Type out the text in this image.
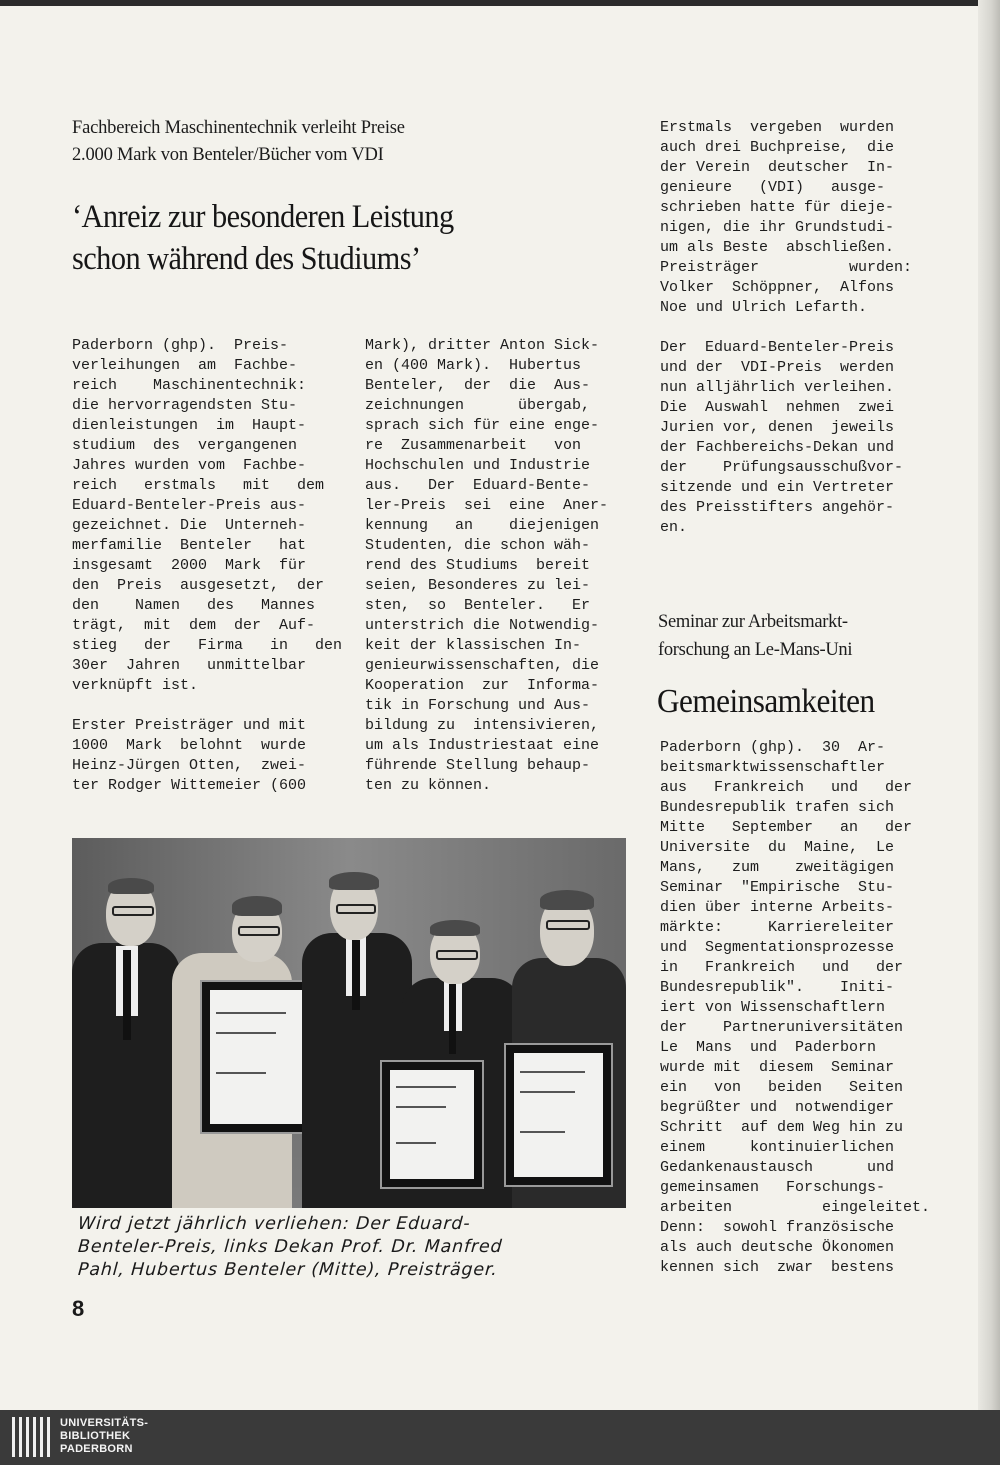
Fachbereich Maschinentechnik verleiht Preise
2.000 Mark von Benteler/Bücher vom VDI
‘Anreiz zur besonderen Leistung
schon während des Studiums’
Paderborn (ghp).  Preis-
verleihungen  am  Fachbe-
reich    Maschinentechnik:
die hervorragendsten Stu-
dienleistungen  im  Haupt-
studium  des  vergangenen
Jahres wurden vom  Fachbe-
reich   erstmals   mit   dem
Eduard-Benteler-Preis aus-
gezeichnet. Die  Unterneh-
merfamilie  Benteler   hat
insgesamt  2000  Mark  für
den  Preis  ausgesetzt,  der
den    Namen   des   Mannes
trägt,  mit  dem  der  Auf-
stieg   der   Firma   in   den
30er  Jahren   unmittelbar
verknüpft ist.

Erster Preisträger und mit
1000  Mark  belohnt  wurde
Heinz-Jürgen Otten,  zwei-
ter Rodger Wittemeier (600
Mark), dritter Anton Sick-
en (400 Mark).  Hubertus
Benteler,  der  die  Aus-
zeichnungen      übergab,
sprach sich für eine enge-
re  Zusammenarbeit   von
Hochschulen und Industrie
aus.   Der  Eduard-Bente-
ler-Preis  sei  eine  Aner-
kennung   an    diejenigen
Studenten, die schon wäh-
rend des Studiums  bereit
seien, Besonderes zu lei-
sten,  so  Benteler.   Er
unterstrich die Notwendig-
keit der klassischen In-
genieurwissenschaften, die
Kooperation  zur  Informa-
tik in Forschung und Aus-
bildung zu  intensivieren,
um als Industriestaat eine
führende Stellung behaup-
ten zu können.
Erstmals  vergeben  wurden
auch drei Buchpreise,  die
der Verein  deutscher  In-
genieure   (VDI)   ausge-
schrieben hatte für dieje-
nigen, die ihr Grundstudi-
um als Beste  abschließen.
Preisträger          wurden:
Volker  Schöppner,  Alfons
Noe und Ulrich Lefarth.

Der  Eduard-Benteler-Preis
und der  VDI-Preis  werden
nun alljährlich verleihen.
Die  Auswahl  nehmen  zwei
Jurien vor, denen  jeweils
der Fachbereichs-Dekan und
der    Prüfungsausschußvor-
sitzende und ein Vertreter
des Preisstifters angehör-
en.
Wird jetzt jährlich verliehen: Der Eduard-
Benteler-Preis, links Dekan Prof. Dr. Manfred
Pahl, Hubertus Benteler (Mitte), Preisträger.
Seminar zur Arbeitsmarkt-
forschung an Le-Mans-Uni
Gemeinsamkeiten
Paderborn (ghp).  30  Ar-
beitsmarktwissenschaftler
aus   Frankreich   und   der
Bundesrepublik trafen sich
Mitte   September   an   der
Universite  du  Maine,  Le
Mans,   zum    zweitägigen
Seminar  "Empirische  Stu-
dien über interne Arbeits-
märkte:     Karriereleiter
und  Segmentationsprozesse
in   Frankreich   und   der
Bundesrepublik".    Initi-
iert von Wissenschaftlern
der    Partneruniversitäten
Le  Mans  und  Paderborn
wurde mit  diesem  Seminar
ein   von   beiden   Seiten
begrüßter und  notwendiger
Schritt  auf dem Weg hin zu
einem     kontinuierlichen
Gedankenaustausch      und
gemeinsamen   Forschungs-
arbeiten          eingeleitet.
Denn:  sowohl französische
als auch deutsche Ökonomen
kennen sich  zwar  bestens
8
UNIVERSITÄTS-
BIBLIOTHEK
PADERBORN
